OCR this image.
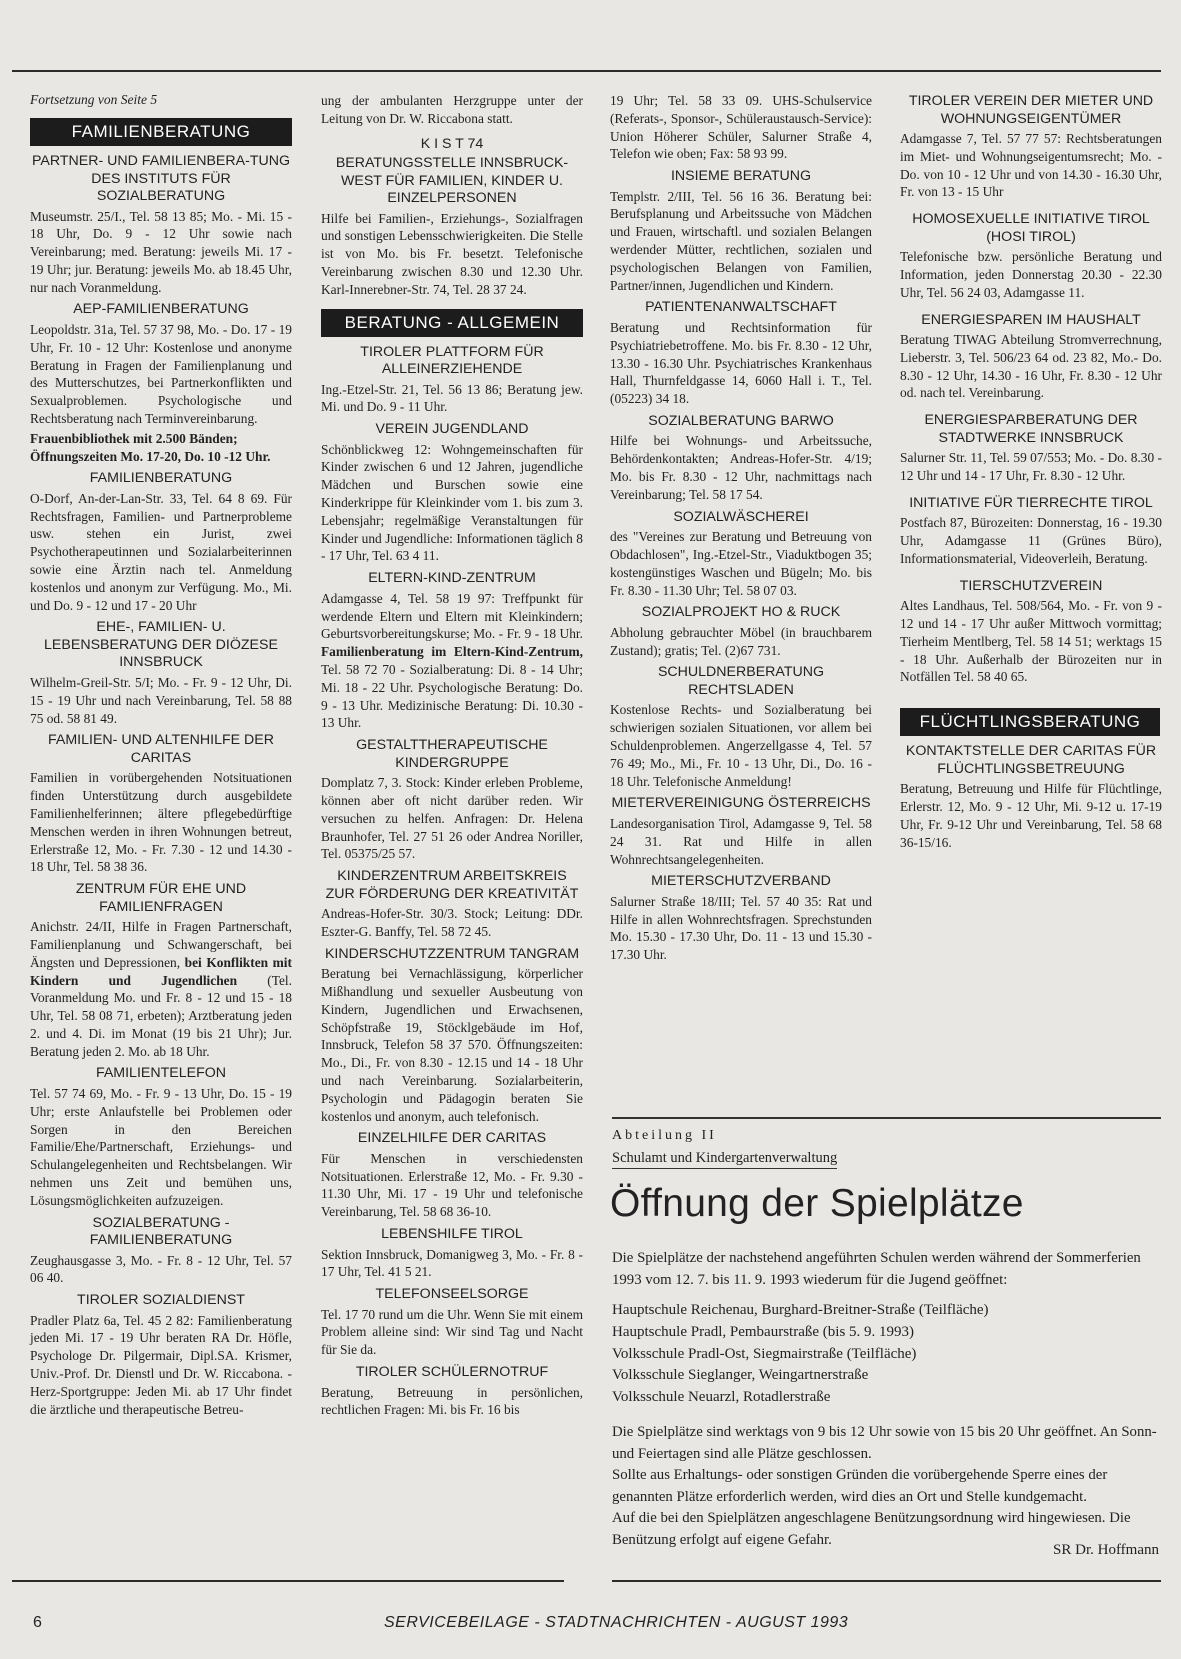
Fortsetzung von Seite 5
FAMILIENBERATUNG
PARTNER- UND FAMILIENBERA-TUNG DES INSTITUTS FÜR SOZIALBERATUNG

Museumstr. 25/I., Tel. 58 13 85; Mo. - Mi. 15 - 18 Uhr, Do. 9 - 12 Uhr sowie nach Vereinbarung; med. Beratung: jeweils Mi. 17 - 19 Uhr; jur. Beratung: jeweils Mo. ab 18.45 Uhr, nur nach Voranmeldung.

AEP-FAMILIENBERATUNG

Leopoldstr. 31a, Tel. 57 37 98, Mo. - Do. 17 - 19 Uhr, Fr. 10 - 12 Uhr: Kostenlose und anonyme Beratung in Fragen der Familienplanung und des Mutterschutzes, bei Partnerkonflikten und Sexualproblemen. Psychologische und Rechtsberatung nach Terminvereinbarung.

Frauenbibliothek mit 2.500 Bänden; Öffnungszeiten Mo. 17-20, Do. 10 -12 Uhr.

FAMILIENBERATUNG

O-Dorf, An-der-Lan-Str. 33, Tel. 64 8 69. Für Rechtsfragen, Familien- und Partnerprobleme usw. stehen ein Jurist, zwei Psychotherapeutinnen und Sozialarbeiterinnen sowie eine Ärztin nach tel. Anmeldung kostenlos und anonym zur Verfügung. Mo., Mi. und Do. 9 - 12 und 17 - 20 Uhr

EHE-, FAMILIEN- U. LEBENSBERATUNG DER DIÖZESE INNSBRUCK

Wilhelm-Greil-Str. 5/I; Mo. - Fr. 9 - 12 Uhr, Di. 15 - 19 Uhr und nach Vereinbarung, Tel. 58 88 75 od. 58 81 49.

FAMILIEN- UND ALTENHILFE DER CARITAS

Familien in vorübergehenden Notsituationen finden Unterstützung durch ausgebildete Familienhelferinnen; ältere pflegebedürftige Menschen werden in ihren Wohnungen betreut, Erlerstraße 12, Mo. - Fr. 7.30 - 12 und 14.30 - 18 Uhr, Tel. 58 38 36.

ZENTRUM FÜR EHE UND FAMILIENFRAGEN

Anichstr. 24/II, Hilfe in Fragen Partnerschaft, Familienplanung und Schwangerschaft, bei Ängsten und Depressionen, bei Konflikten mit Kindern und Jugendlichen (Tel. Voranmeldung Mo. und Fr. 8 - 12 und 15 - 18 Uhr, Tel. 58 08 71, erbeten); Arztberatung jeden 2. und 4. Di. im Monat (19 bis 21 Uhr); Jur. Beratung jeden 2. Mo. ab 18 Uhr.

FAMILIENTELEFON

Tel. 57 74 69, Mo. - Fr. 9 - 13 Uhr, Do. 15 - 19 Uhr; erste Anlaufstelle bei Problemen oder Sorgen in den Bereichen Familie/Ehe/Partnerschaft, Erziehungs- und Schulangelegenheiten und Rechtsbelangen. Wir nehmen uns Zeit und bemühen uns, Lösungsmöglichkeiten aufzuzeigen.

SOZIALBERATUNG - FAMILIENBERATUNG

Zeughausgasse 3, Mo. - Fr. 8 - 12 Uhr, Tel. 57 06 40.

TIROLER SOZIALDIENST

Pradler Platz 6a, Tel. 45 2 82: Familienberatung jeden Mi. 17 - 19 Uhr beraten RA Dr. Höfle, Psychologe Dr. Pilgermair, Dipl.SA. Krismer, Univ.-Prof. Dr. Dienstl und Dr. W. Riccabona. - Herz-Sportgruppe: Jeden Mi. ab 17 Uhr findet die ärztliche und therapeutische Betreu-

ung der ambulanten Herzgruppe unter der Leitung von Dr. W. Riccabona statt.

K I S T 74
BERATUNGSSTELLE INNSBRUCK-WEST FÜR FAMILIEN, KINDER U. EINZELPERSONEN

Hilfe bei Familien-, Erziehungs-, Sozialfragen und sonstigen Lebensschwierigkeiten. Die Stelle ist von Mo. bis Fr. besetzt. Telefonische Vereinbarung zwischen 8.30 und 12.30 Uhr. Karl-Innerebner-Str. 74, Tel. 28 37 24.

BERATUNG - ALLGEMEIN
TIROLER PLATTFORM FÜR ALLEINERZIEHENDE

Ing.-Etzel-Str. 21, Tel. 56 13 86; Beratung jew. Mi. und Do. 9 - 11 Uhr.

VEREIN JUGENDLAND

Schönblickweg 12: Wohngemeinschaften für Kinder zwischen 6 und 12 Jahren, jugendliche Mädchen und Burschen sowie eine Kinderkrippe für Kleinkinder vom 1. bis zum 3. Lebensjahr; regelmäßige Veranstaltungen für Kinder und Jugendliche: Informationen täglich 8 - 17 Uhr, Tel. 63 4 11.

ELTERN-KIND-ZENTRUM

Adamgasse 4, Tel. 58 19 97: Treffpunkt für werdende Eltern und Eltern mit Kleinkindern; Geburtsvorbereitungskurse; Mo. - Fr. 9 - 18 Uhr. Familienberatung im Eltern-Kind-Zentrum, Tel. 58 72 70 - Sozialberatung: Di. 8 - 14 Uhr; Mi. 18 - 22 Uhr. Psychologische Beratung: Do. 9 - 13 Uhr. Medizinische Beratung: Di. 10.30 - 13 Uhr.

GESTALTTHERAPEUTISCHE KINDERGRUPPE

Domplatz 7, 3. Stock: Kinder erleben Probleme, können aber oft nicht darüber reden. Wir versuchen zu helfen. Anfragen: Dr. Helena Braunhofer, Tel. 27 51 26 oder Andrea Noriller, Tel. 05375/25 57.

KINDERZENTRUM ARBEITSKREIS ZUR FÖRDERUNG DER KREATIVITÄT

Andreas-Hofer-Str. 30/3. Stock; Leitung: DDr. Eszter-G. Banffy, Tel. 58 72 45.

KINDERSCHUTZZENTRUM TANGRAM

Beratung bei Vernachlässigung, körperlicher Mißhandlung und sexueller Ausbeutung von Kindern, Jugendlichen und Erwachsenen, Schöpfstraße 19, Stöcklgebäude im Hof, Innsbruck, Telefon 58 37 570. Öffnungszeiten: Mo., Di., Fr. von 8.30 - 12.15 und 14 - 18 Uhr und nach Vereinbarung. Sozialarbeiterin, Psychologin und Pädagogin beraten Sie kostenlos und anonym, auch telefonisch.

EINZELHILFE DER CARITAS

Für Menschen in verschiedensten Notsituationen. Erlerstraße 12, Mo. - Fr. 9.30 - 11.30 Uhr, Mi. 17 - 19 Uhr und telefonische Vereinbarung, Tel. 58 68 36-10.

LEBENSHILFE TIROL

Sektion Innsbruck, Domanigweg 3, Mo. - Fr. 8 - 17 Uhr, Tel. 41 5 21.

TELEFONSEELSORGE

Tel. 17 70 rund um die Uhr. Wenn Sie mit einem Problem alleine sind: Wir sind Tag und Nacht für Sie da.

TIROLER SCHÜLERNOTRUF

Beratung, Betreuung in persönlichen, rechtlichen Fragen: Mi. bis Fr. 16 bis

19 Uhr; Tel. 58 33 09. UHS-Schulservice (Referats-, Sponsor-, Schüleraustausch-Service): Union Höherer Schüler, Salurner Straße 4, Telefon wie oben; Fax: 58 93 99.

INSIEME BERATUNG

Templstr. 2/III, Tel. 56 16 36. Beratung bei: Berufsplanung und Arbeitssuche von Mädchen und Frauen, wirtschaftl. und sozialen Belangen werdender Mütter, rechtlichen, sozialen und psychologischen Belangen von Familien, Partner/innen, Jugendlichen und Kindern.

PATIENTENANWALTSCHAFT

Beratung und Rechtsinformation für Psychiatriebetroffene. Mo. bis Fr. 8.30 - 12 Uhr, 13.30 - 16.30 Uhr. Psychiatrisches Krankenhaus Hall, Thurnfeldgasse 14, 6060 Hall i. T., Tel. (05223) 34 18.

SOZIALBERATUNG BARWO

Hilfe bei Wohnungs- und Arbeitssuche, Behördenkontakten; Andreas-Hofer-Str. 4/19; Mo. bis Fr. 8.30 - 12 Uhr, nachmittags nach Vereinbarung; Tel. 58 17 54.

SOZIALWÄSCHEREI

des "Vereines zur Beratung und Betreuung von Obdachlosen", Ing.-Etzel-Str., Viaduktbogen 35; kostengünstiges Waschen und Bügeln; Mo. bis Fr. 8.30 - 11.30 Uhr; Tel. 58 07 03.

SOZIALPROJEKT HO & RUCK

Abholung gebrauchter Möbel (in brauchbarem Zustand); gratis; Tel. (2)67 731.

SCHULDNERBERATUNG RECHTSLADEN

Kostenlose Rechts- und Sozialberatung bei schwierigen sozialen Situationen, vor allem bei Schuldenproblemen. Angerzellgasse 4, Tel. 57 76 49; Mo., Mi., Fr. 10 - 13 Uhr, Di., Do. 16 - 18 Uhr. Telefonische Anmeldung!

MIETERVEREINIGUNG ÖSTERREICHS

Landesorganisation Tirol, Adamgasse 9, Tel. 58 24 31. Rat und Hilfe in allen Wohnrechtsangelegenheiten.

MIETERSCHUTZVERBAND

Salurner Straße 18/III; Tel. 57 40 35: Rat und Hilfe in allen Wohnrechtsfragen. Sprechstunden Mo. 15.30 - 17.30 Uhr, Do. 11 - 13 und 15.30 - 17.30 Uhr.

TIROLER VEREIN DER MIETER UND WOHNUNGSEIGENTÜMER

Adamgasse 7, Tel. 57 77 57: Rechtsberatungen im Miet- und Wohnungseigentumsrecht; Mo. - Do. von 10 - 12 Uhr und von 14.30 - 16.30 Uhr, Fr. von 13 - 15 Uhr

HOMOSEXUELLE INITIATIVE TIROL (HOSI TIROL)

Telefonische bzw. persönliche Beratung und Information, jeden Donnerstag 20.30 - 22.30 Uhr, Tel. 56 24 03, Adamgasse 11.

ENERGIESPAREN IM HAUSHALT

Beratung TIWAG Abteilung Stromverrechnung, Lieberstr. 3, Tel. 506/23 64 od. 23 82, Mo.- Do. 8.30 - 12 Uhr, 14.30 - 16 Uhr, Fr. 8.30 - 12 Uhr od. nach tel. Vereinbarung.

ENERGIESPARBERATUNG DER STADTWERKE INNSBRUCK

Salurner Str. 11, Tel. 59 07/553; Mo. - Do. 8.30 - 12 Uhr und 14 - 17 Uhr, Fr. 8.30 - 12 Uhr.

INITIATIVE FÜR TIERRECHTE TIROL

Postfach 87, Bürozeiten: Donnerstag, 16 - 19.30 Uhr, Adamgasse 11 (Grünes Büro), Informationsmaterial, Videoverleih, Beratung.

TIERSCHUTZVEREIN

Altes Landhaus, Tel. 508/564, Mo. - Fr. von 9 - 12 und 14 - 17 Uhr außer Mittwoch vormittag; Tierheim Mentlberg, Tel. 58 14 51; werktags 15 - 18 Uhr. Außerhalb der Bürozeiten nur in Notfällen Tel. 58 40 65.

FLÜCHTLINGSBERATUNG
KONTAKTSTELLE DER CARITAS FÜR FLÜCHTLINGSBETREUUNG

Beratung, Betreuung und Hilfe für Flüchtlinge, Erlerstr. 12, Mo. 9 - 12 Uhr, Mi. 9-12 u. 17-19 Uhr, Fr. 9-12 Uhr und Vereinbarung, Tel. 58 68 36-15/16.

Abteilung II
Schulamt und Kindergartenverwaltung
Öffnung der Spielplätze
Die Spielplätze der nachstehend angeführten Schulen werden während der Sommerferien 1993 vom 12. 7. bis 11. 9. 1993 wiederum für die Jugend geöffnet:
Hauptschule Reichenau, Burghard-Breitner-Straße (Teilfläche)
Hauptschule Pradl, Pembaurstraße (bis 5. 9. 1993)
Volksschule Pradl-Ost, Siegmairstraße (Teilfläche)
Volksschule Sieglanger, Weingartnerstraße
Volksschule Neuarzl, Rotadlerstraße

Die Spielplätze sind werktags von 9 bis 12 Uhr sowie von 15 bis 20 Uhr geöffnet. An Sonn- und Feiertagen sind alle Plätze geschlossen.

Sollte aus Erhaltungs- oder sonstigen Gründen die vorübergehende Sperre eines der genannten Plätze erforderlich werden, wird dies an Ort und Stelle kundgemacht.

Auf die bei den Spielplätzen angeschlagene Benützungsordnung wird hingewiesen. Die Benützung erfolgt auf eigene Gefahr.

SR Dr. Hoffmann
6	SERVICEBEILAGE - STADTNACHRICHTEN - AUGUST 1993
